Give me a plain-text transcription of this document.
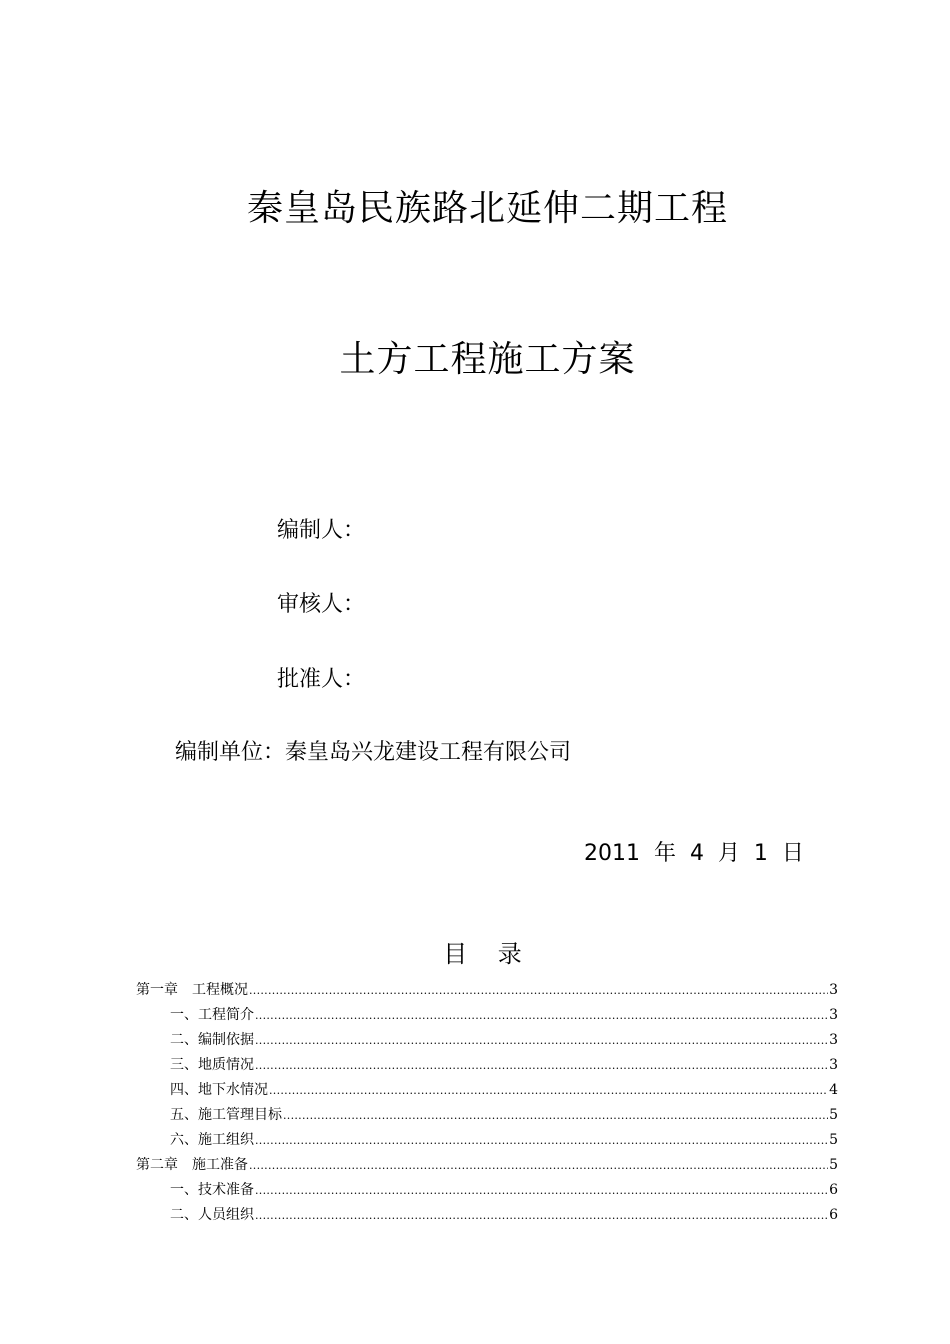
秦皇岛民族路北延伸二期工程
土方工程施工方案
编制人：
审核人：
批准人：
编制单位：秦皇岛兴龙建设工程有限公司
2011  年  4  月  1  日
目    录
第一章　工程概况 .....	3
一、工程简介 .....	3
二、编制依据 .....	3
三、地质情况 .....	3
四、地下水情况 .....	4
五、施工管理目标 .....	5
六、施工组织 .....	5
第二章　施工准备 .....	5
一、技术准备 .....	6
二、人员组织 .....	6
